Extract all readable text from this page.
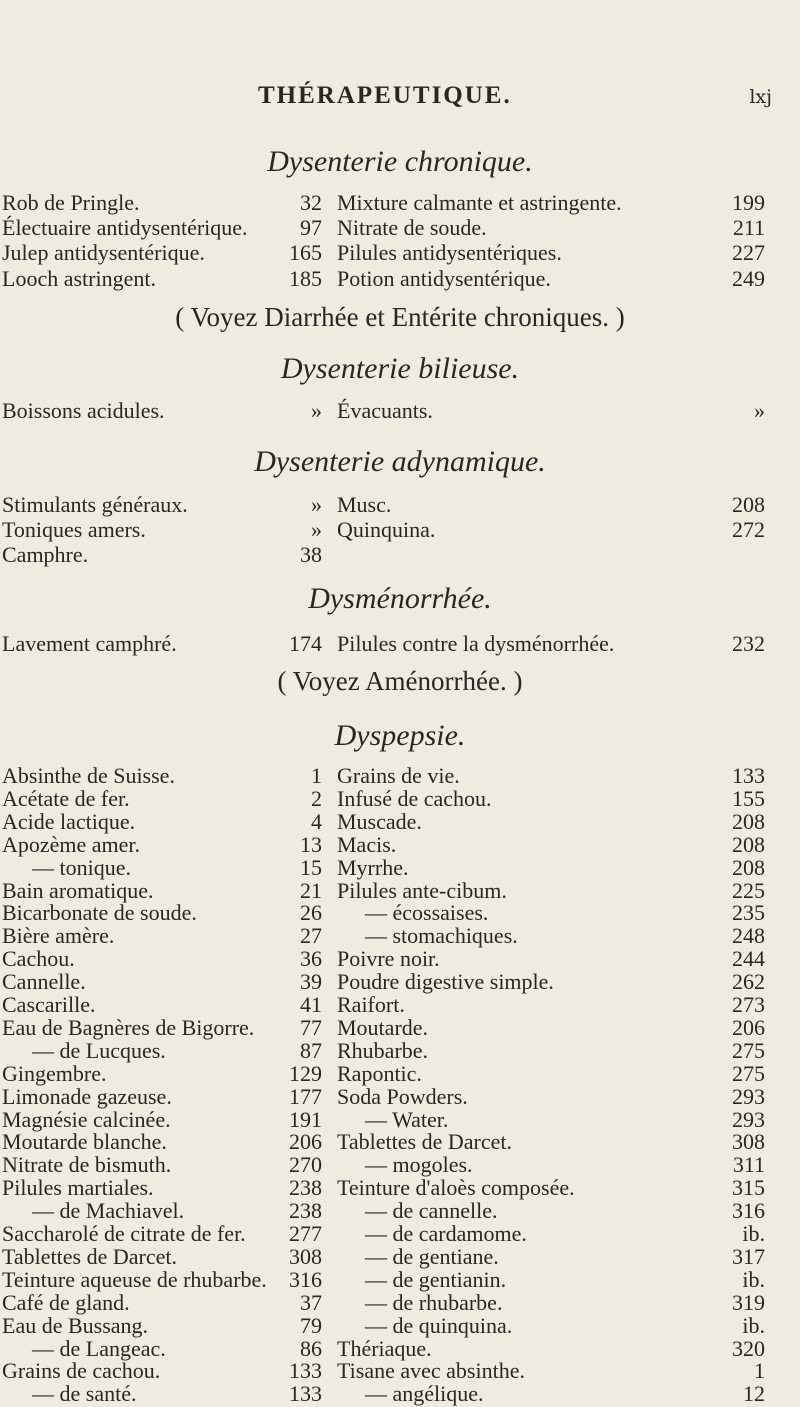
THÉRAPEUTIQUE.	lxj
Dysenterie chronique.
Rob de Pringle.	32 Mixture calmante et astringente.	199
Électuaire antidysentérique.	97 Nitrate de soude.	211
Julep antidysentérique.	165 Pilules antidysentériques.	227
Looch astringent.	185 Potion antidysentérique.	249
( Voyez Diarrhée et Entérite chroniques. )
Dysenterie bilieuse.
Boissons acidules.	» Évacuants.	»
Dysenterie adynamique.
Stimulants généraux.	» Musc.	208
Toniques amers.	» Quinquina.	272
Camphre.	38
Dysménorrhée.
Lavement camphré.	174 Pilules contre la dysménorrhée.	232
( Voyez Aménorrhée. )
Dyspepsie.
Absinthe de Suisse.	1 Grains de vie.	133
Acétate de fer.	2 Infusé de cachou.	155
Acide lactique.	4 Muscade.	208
Apozème amer.	13 Macis.	208
— tonique.	15 Myrrhe.	208
Bain aromatique.	21 Pilules ante-cibum.	225
Bicarbonate de soude.	26	— écossaises.	235
Bière amère.	27	— stomachiques.	248
Cachou.	36 Poivre noir.	244
Cannelle.	39 Poudre digestive simple.	262
Cascarille.	41 Raifort.	273
Eau de Bagnères de Bigorre.	77 Moutarde.	206
— de Lucques.	87 Rhubarbe.	275
Gingembre.	129 Rapontic.	275
Limonade gazeuse.	177 Soda Powders.	293
Magnésie calcinée.	191	— Water.	293
Moutarde blanche.	206 Tablettes de Darcet.	308
Nitrate de bismuth.	270	— mogoles.	311
Pilules martiales.	238 Teinture d'aloès composée.	315
— de Machiavel.	238	— de cannelle.	316
Saccharolé de citrate de fer.	277	— de cardamome.	ib.
Tablettes de Darcet.	308	— de gentiane.	317
Teinture aqueuse de rhubarbe.	316	— de gentianin.	ib.
Café de gland.	37	— de rhubarbe.	319
Eau de Bussang.	79	— de quinquina.	ib.
— de Langeac.	86 Thériaque.	320
Grains de cachou.	133 Tisane avec absinthe.	1
— de santé.	133	— angélique.	12
